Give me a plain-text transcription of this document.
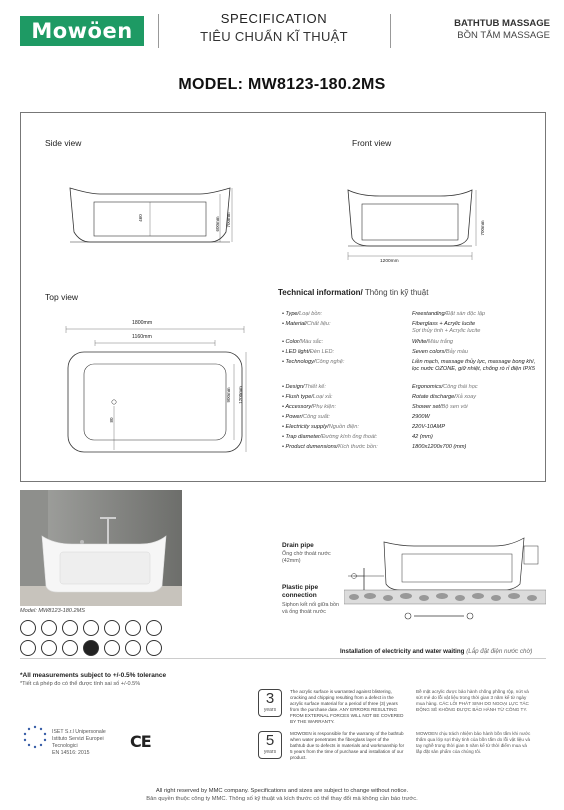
Mowöen
SPECIFICATION
TIÊU CHUẨN KĨ THUẬT
BATHTUB MASSAGE
BỒN TẮM MASSAGE
MODEL: MW8123-180.2MS
Side view	Front view
Top view
460	600mm 700mm
700mm
1200mm
1800mm
1160mm
900mm 1200mm
80
Technical information/ Thông tin kỹ thuật
• Type/Loại bồn:	Freestanding/Đặt sàn độc lập
• Material/Chất liệu:	Fiberglass + Acrylic lucite
Sợi thủy tinh + Acrylic lucite
• Color/Màu sắc:	White/Màu trắng
• LED light/Đèn LED:	Seven colors/Bảy màu
• Technology/Công nghệ:	Liền mạch, massage thủy lực, massage bong khí, lọc nước OZONE, giữ nhiệt, chống rò rỉ điện IPX5
• Design/Thiết kế:	Ergonomics/Công thái học
• Flush type/Loại xả:	Rotate discharge/Xả xoay
• Accessory/Phụ kiện:	Shower set/Bộ sen vòi
• Power/Công suất:	2900W
• Electricity supply/Nguồn điện:	220V-10AMP
• Trap diameter/Đường kính ống thoát:	42 (mm)
• Product dumensions/Kích thước bồn:	1800x1200x700 (mm)
Model: MW8123-180.2MS
Drain pipe
Ống chờ thoát nước (42mm)
Plastic pipe connection
Siphon kết nối giữa bồn và ống thoát nước
Installation of electricity and water waiting (Lắp đặt điện nước chờ)
*All measurements subject to +/-0.5% tolerance
*Tiết cả phép đo có thể được tính sai số +/-0.5%
ISET S.r.l Unipersonale
Istituto Servizi Europei Tecnologici
EN 14516: 2015
CE
3
years
The acrylic surface is warranted against blistering, cracking and chipping resulting from a defect in the acrylic surface material for a period of three (3) years from the purchase date. ANY ERRORS RESULTING FROM EXTERNAL FORCES WILL NOT BE COVERED BY THE WARRANTY.
Bề mặt acrylic được bảo hành chống phồng rộp, nứt và sứt mẻ do lỗi vật liệu trong thời gian 3 năm kể từ ngày mua hàng. CÁC LỖI PHÁT SINH DO NGOẠI LỰC TÁC ĐỘNG SẼ KHÔNG ĐƯỢC BẢO HÀNH TỪ CÔNG TY.
5
years
MOWOEN is responsible for the warranty of the bathtub when water penetrates the fiberglass layer of the bathtub due to defects in materials and workmanship for 5 years from the time of purchase and installation of our product.
MOWOEN chịu trách nhiệm bảo hành bồn tắm khi nước thấm qua lớp sợi thủy tinh của bồn tắm do lỗi vật liệu và tay nghề trong thời gian 5 năm kể từ thời điểm mua và lắp đặt sản phẩm của chúng tôi.
All right reserved by MMC company. Specifications and sizes are subject to change without notice.
Bản quyền thuộc công ty MMC. Thông số kỹ thuật và kích thước có thể thay đổi mà không cần báo trước.
